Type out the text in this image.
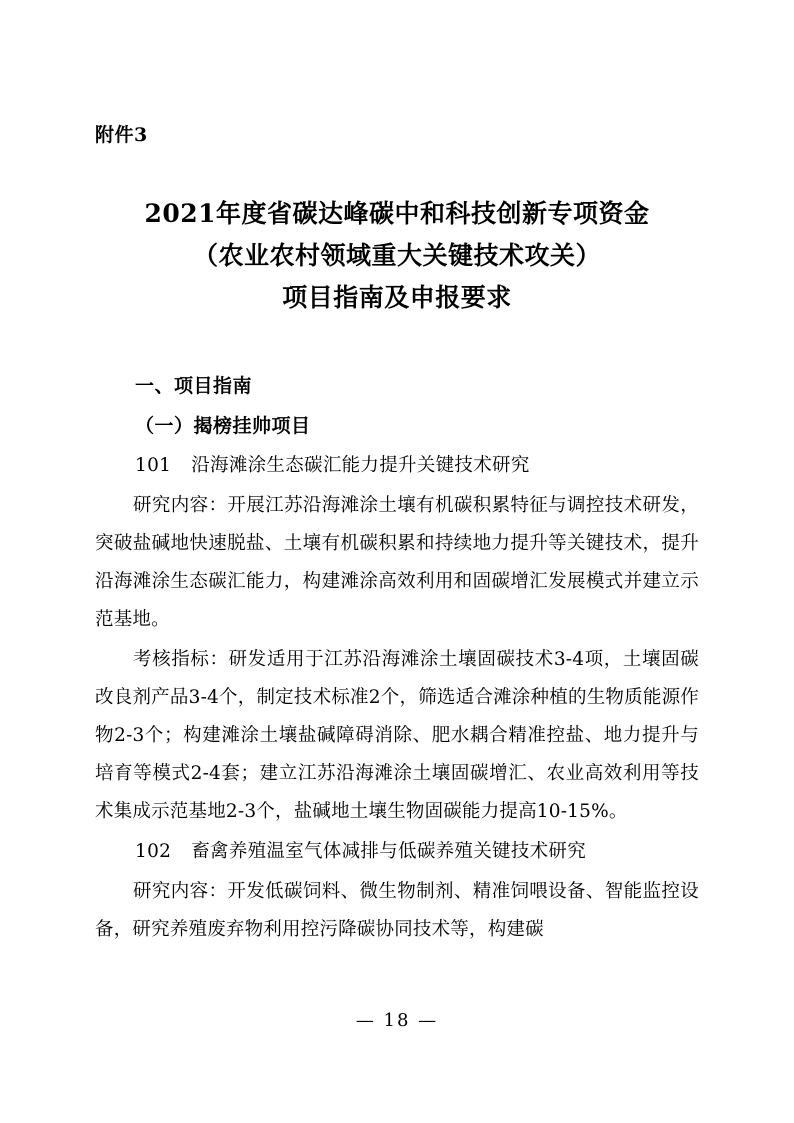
附件3
2021年度省碳达峰碳中和科技创新专项资金
（农业农村领域重大关键技术攻关）
项目指南及申报要求
一、项目指南
（一）揭榜挂帅项目
101 沿海滩涂生态碳汇能力提升关键技术研究
研究内容：开展江苏沿海滩涂土壤有机碳积累特征与调控技术研发，突破盐碱地快速脱盐、土壤有机碳积累和持续地力提升等关键技术，提升沿海滩涂生态碳汇能力，构建滩涂高效利用和固碳增汇发展模式并建立示范基地。
考核指标：研发适用于江苏沿海滩涂土壤固碳技术3-4项，土壤固碳改良剂产品3-4个，制定技术标准2个，筛选适合滩涂种植的生物质能源作物2-3个；构建滩涂土壤盐碱障碍消除、肥水耦合精准控盐、地力提升与培育等模式2-4套；建立江苏沿海滩涂土壤固碳增汇、农业高效利用等技术集成示范基地2-3个，盐碱地土壤生物固碳能力提高10-15%。
102 畜禽养殖温室气体减排与低碳养殖关键技术研究
研究内容：开发低碳饲料、微生物制剂、精准饲喂设备、智能监控设备，研究养殖废弃物利用控污降碳协同技术等，构建碳
— 18 —
